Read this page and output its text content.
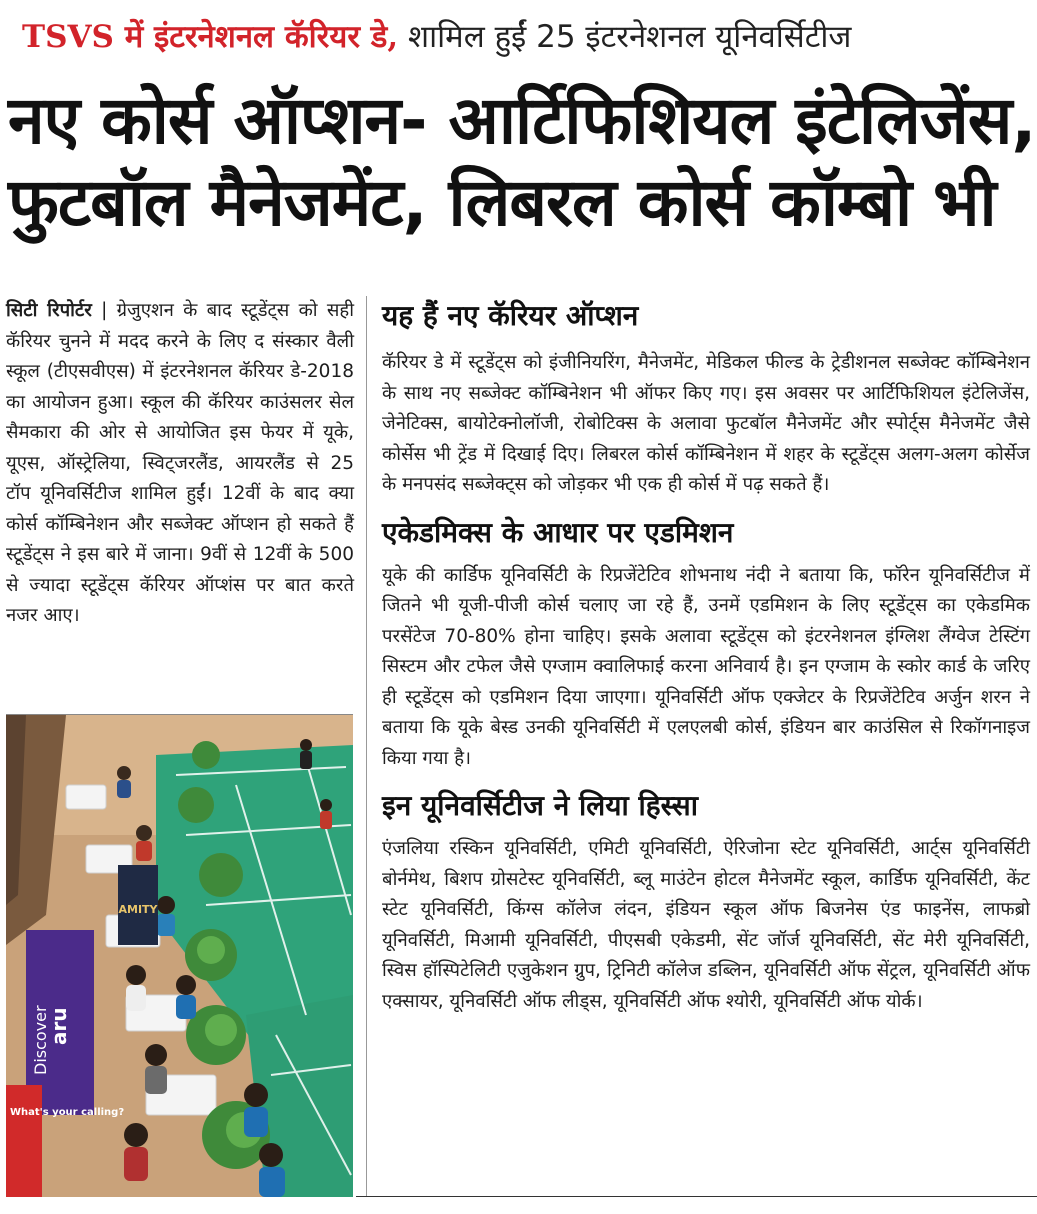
TSVS में इंटरनेशनल कॅरियर डे, शामिल हुईं 25 इंटरनेशनल यूनिवर्सिटीज
नए कोर्स ऑप्शन- आर्टिफिशियल इंटेलिजेंस,
फुटबॉल मैनेजमेंट, लिबरल कोर्स कॉम्बो भी
सिटी रिपोर्टर | ग्रेजुएशन के बाद स्टूडेंट्स को सही कॅरियर चुनने में मदद करने के लिए द संस्कार वैली स्कूल (टीएसवीएस) में इंटरनेशनल कॅरियर डे-2018 का आयोजन हुआ। स्कूल की कॅरियर काउंसलर सेल सैमकारा की ओर से आयोजित इस फेयर में यूके, यूएस, ऑस्ट्रेलिया, स्विट्जरलैंड, आयरलैंड से 25 टॉप यूनिवर्सिटीज शामिल हुईं। 12वीं के बाद क्या कोर्स कॉम्बिनेशन और सब्जेक्ट ऑप्शन हो सकते हैं स्टूडेंट्स ने इस बारे में जाना। 9वीं से 12वीं के 500 से ज्यादा स्टूडेंट्स कॅरियर ऑप्शंस पर बात करते नजर आए।
AMITY
Discover
aru
What's your calling?
यह हैं नए कॅरियर ऑप्शन

कॅरियर डे में स्टूडेंट्स को इंजीनियरिंग, मैनेजमेंट, मेडिकल फील्ड के ट्रेडीशनल सब्जेक्ट कॉम्बिनेशन के साथ नए सब्जेक्ट कॉम्बिनेशन भी ऑफर किए गए। इस अवसर पर आर्टिफिशियल इंटेलिजेंस, जेनेटिक्स, बायोटेक्नोलॉजी, रोबोटिक्स के अलावा फुटबॉल मैनेजमेंट और स्पोर्ट्स मैनेजमेंट जैसे कोर्सेस भी ट्रेंड में दिखाई दिए। लिबरल कोर्स कॉम्बिनेशन में शहर के स्टूडेंट्स अलग-अलग कोर्सेज के मनपसंद सब्जेक्ट्स को जोड़कर भी एक ही कोर्स में पढ़ सकते हैं।

एकेडमिक्स के आधार पर एडमिशन

यूके की कार्डिफ यूनिवर्सिटी के रिप्रजेंटेटिव शोभनाथ नंदी ने बताया कि, फॉरेन यूनिवर्सिटीज में जितने भी यूजी-पीजी कोर्स चलाए जा रहे हैं, उनमें एडमिशन के लिए स्टूडेंट्स का एकेडमिक परसेंटेज 70-80% होना चाहिए। इसके अलावा स्टूडेंट्स को इंटरनेशनल इंग्लिश लैंग्वेज टेस्टिंग सिस्टम और टफेल जैसे एग्जाम क्वालिफाई करना अनिवार्य है। इन एग्जाम के स्कोर कार्ड के जरिए ही स्टूडेंट्स को एडमिशन दिया जाएगा। यूनिवर्सिटी ऑफ एक्जेटर के रिप्रजेंटेटिव अर्जुन शरन ने बताया कि यूके बेस्ड उनकी यूनिवर्सिटी में एलएलबी कोर्स, इंडियन बार काउंसिल से रिकॉगनाइज किया गया है।

इन यूनिवर्सिटीज ने लिया हिस्सा

एंजलिया रस्किन यूनिवर्सिटी, एमिटी यूनिवर्सिटी, ऐरिजोना स्टेट यूनिवर्सिटी, आर्ट्स यूनिवर्सिटी बोर्नमेथ, बिशप ग्रोसटेस्ट यूनिवर्सिटी, ब्लू माउंटेन होटल मैनेजमेंट स्कूल, कार्डिफ यूनिवर्सिटी, केंट स्टेट यूनिवर्सिटी, किंग्स कॉलेज लंदन, इंडियन स्कूल ऑफ बिजनेस एंड फाइनेंस, लाफब्रो यूनिवर्सिटी, मिआमी यूनिवर्सिटी, पीएसबी एकेडमी, सेंट जॉर्ज यूनिवर्सिटी, सेंट मेरी यूनिवर्सिटी, स्विस हॉस्पिटेलिटी एजुकेशन ग्रुप, ट्रिनिटी कॉलेज डब्लिन, यूनिवर्सिटी ऑफ सेंट्रल, यूनिवर्सिटी ऑफ एक्सायर, यूनिवर्सिटी ऑफ लीड्स, यूनिवर्सिटी ऑफ श्योरी, यूनिवर्सिटी ऑफ योर्क।
